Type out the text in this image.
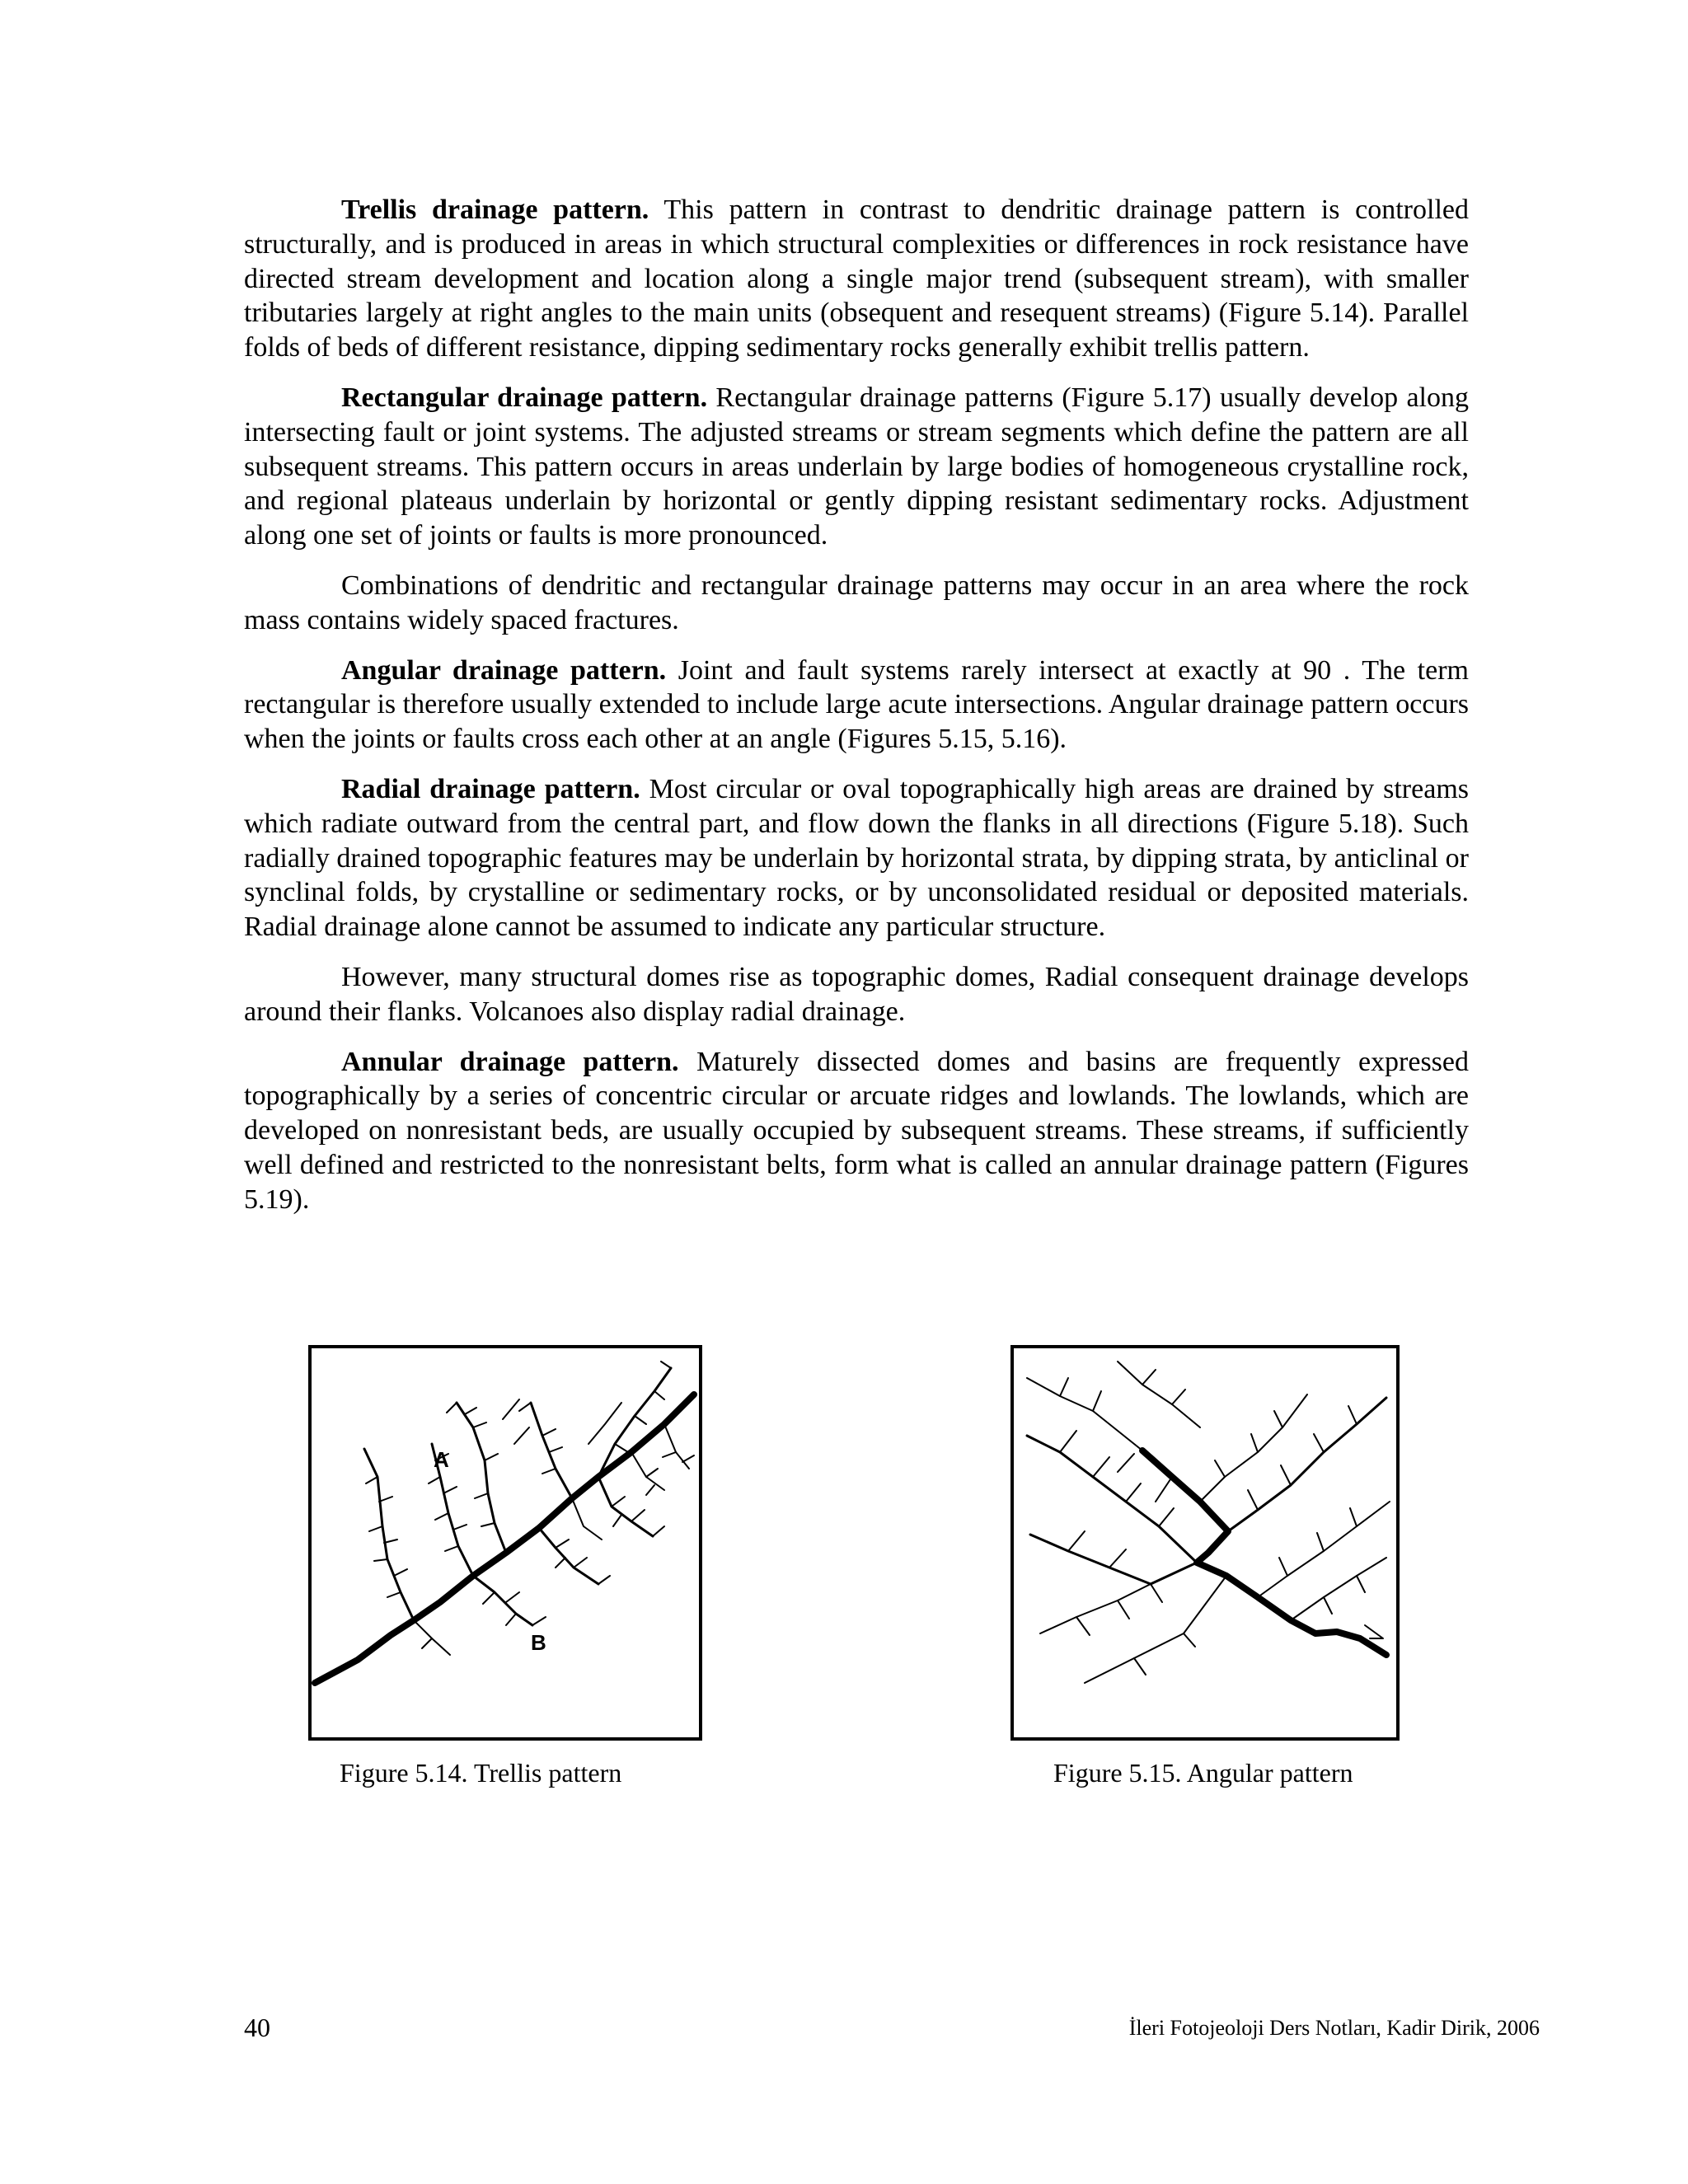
Trellis drainage pattern. This pattern in contrast to dendritic drainage pattern is controlled structurally, and is produced in areas in which structural complexities or differences in rock resistance have directed stream development and location along a single major trend (subsequent stream), with smaller tributaries largely at right angles to the main units (obsequent and resequent streams) (Figure 5.14). Parallel folds of beds of different resistance, dipping sedimentary rocks generally exhibit trellis pattern.

Rectangular drainage pattern. Rectangular drainage patterns (Figure 5.17) usually develop along intersecting fault or joint systems. The adjusted streams or stream segments which define the pattern are all subsequent streams. This pattern occurs in areas underlain by large bodies of homogeneous crystalline rock, and regional plateaus underlain by horizontal or gently dipping resistant sedimentary rocks. Adjustment along one set of joints or faults is more pronounced.

Combinations of dendritic and rectangular drainage patterns may occur in an area where the rock mass contains widely spaced fractures.

Angular drainage pattern. Joint and fault systems rarely intersect at exactly at 90 . The term rectangular is therefore usually extended to include large acute intersections. Angular drainage pattern occurs when the joints or faults cross each other at an angle (Figures 5.15, 5.16).

Radial drainage pattern. Most circular or oval topographically high areas are drained by streams which radiate outward from the central part, and flow down the flanks in all directions (Figure 5.18). Such radially drained topographic features may be underlain by horizontal strata, by dipping strata, by anticlinal or synclinal folds, by crystalline or sedimentary rocks, or by unconsolidated residual or deposited materials. Radial drainage alone cannot be assumed to indicate any particular structure.

However, many structural domes rise as topographic domes, Radial consequent drainage develops around their flanks. Volcanoes also display radial drainage.

Annular drainage pattern. Maturely dissected domes and basins are frequently expressed topographically by a series of concentric circular or arcuate ridges and lowlands. The lowlands, which are developed on nonresistant beds, are usually occupied by subsequent streams. These streams, if sufficiently well defined and restricted to the nonresistant belts, form what is called an annular drainage pattern (Figures 5.19).

A
B
Figure 5.14. Trellis pattern	Figure 5.15. Angular pattern
40	İleri Fotojeoloji Ders Notları, Kadir Dirik, 2006
